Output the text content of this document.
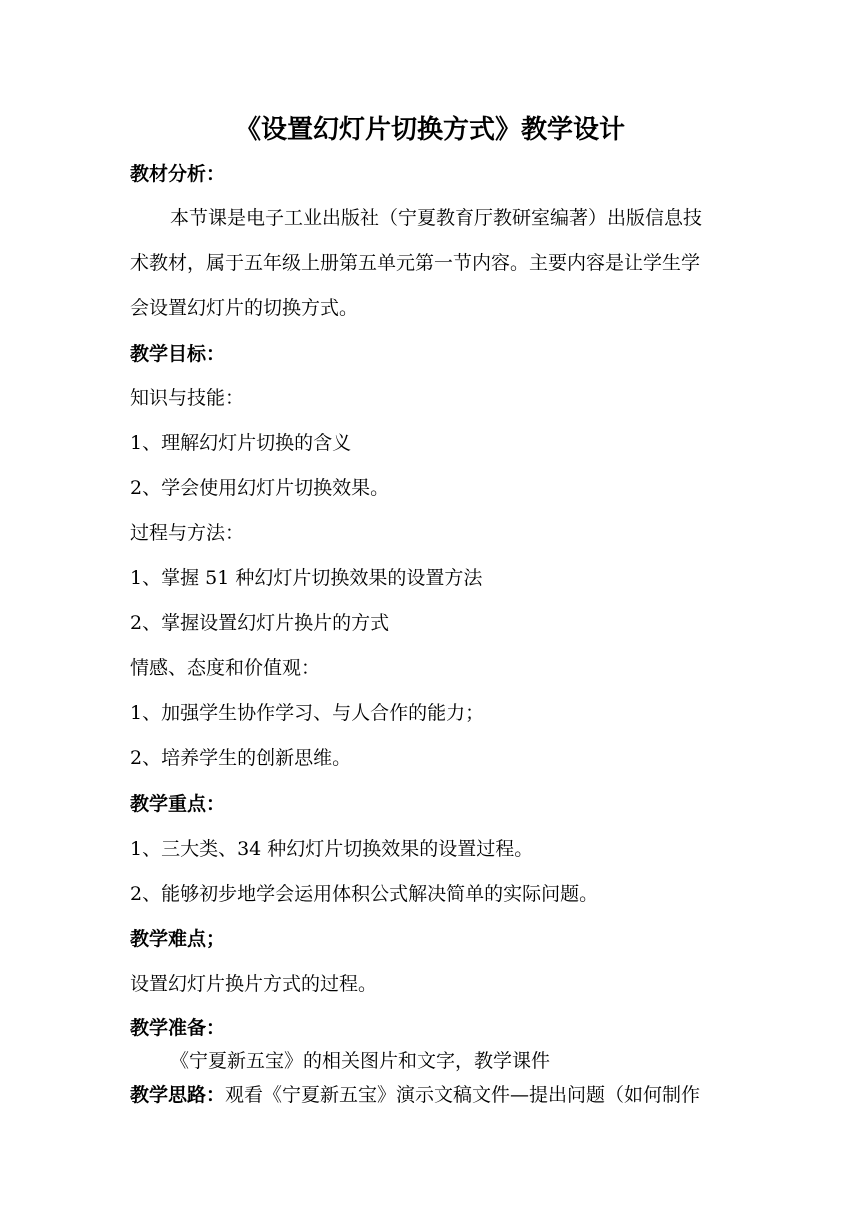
《设置幻灯片切换方式》教学设计
教材分析：
本节课是电子工业出版社（宁夏教育厅教研室编著）出版信息技
术教材，属于五年级上册第五单元第一节内容。主要内容是让学生学
会设置幻灯片的切换方式。
教学目标：
知识与技能：
1、理解幻灯片切换的含义
2、学会使用幻灯片切换效果。
过程与方法：
1、掌握 51 种幻灯片切换效果的设置方法
2、掌握设置幻灯片换片的方式
情感、态度和价值观：
1、加强学生协作学习、与人合作的能力；
2、培养学生的创新思维。
教学重点：
1、三大类、34 种幻灯片切换效果的设置过程。
2、能够初步地学会运用体积公式解决简单的实际问题。
教学难点；
设置幻灯片换片方式的过程。
教学准备：
《宁夏新五宝》的相关图片和文字，教学课件
教学思路：观看《宁夏新五宝》演示文稿文件—提出问题（如何制作
